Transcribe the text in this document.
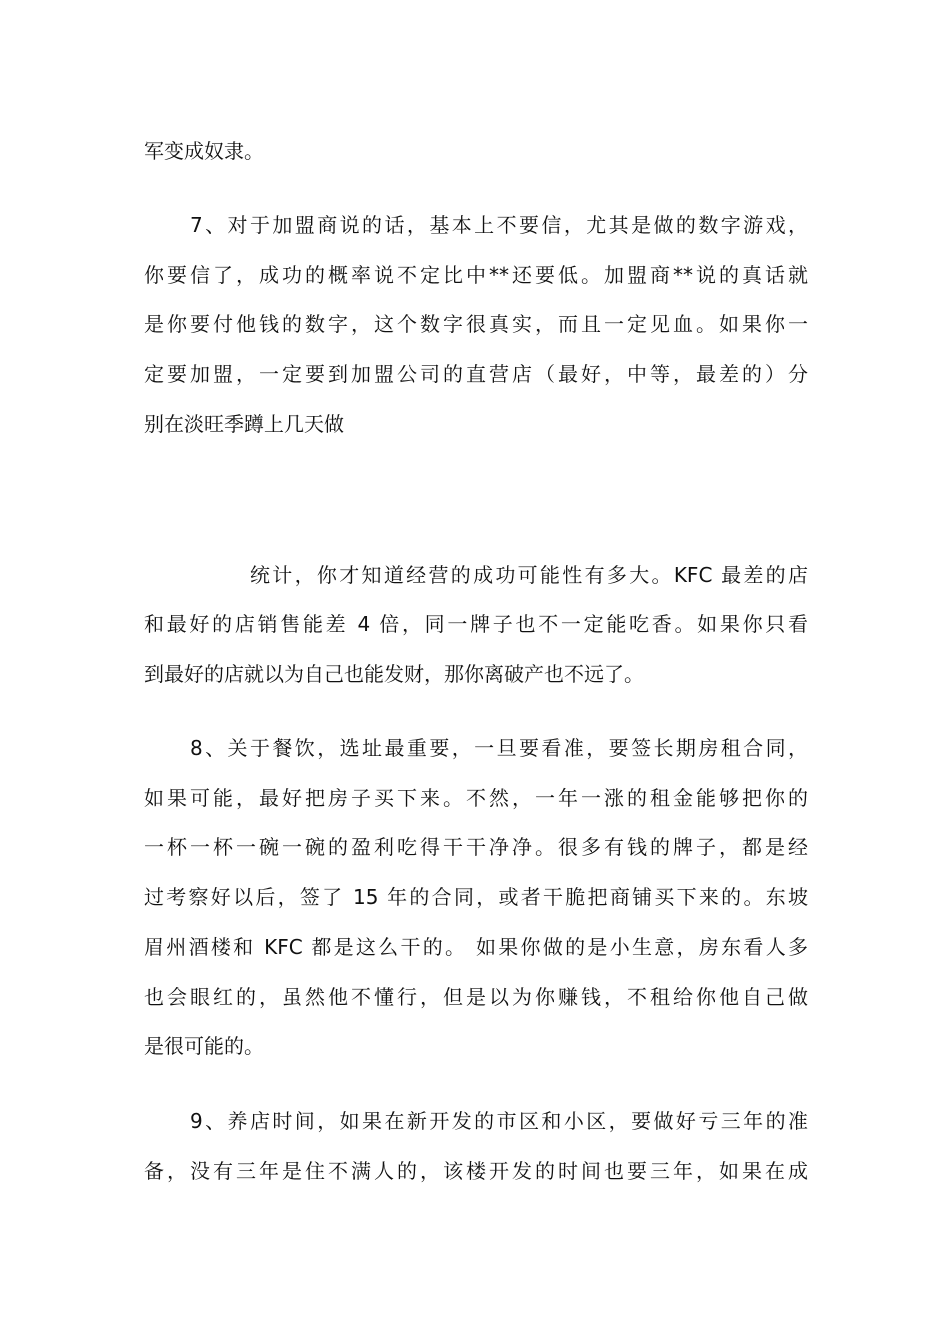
军变成奴隶。
7、对于加盟商说的话，基本上不要信，尤其是做的数字游戏，
你要信了，成功的概率说不定比中**还要低。加盟商**说的真话就
是你要付他钱的数字，这个数字很真实，而且一定见血。如果你一
定要加盟，一定要到加盟公司的直营店（最好，中等，最差的）分
别在淡旺季蹲上几天做
统计，你才知道经营的成功可能性有多大。KFC 最差的店
和最好的店销售能差 4 倍，同一牌子也不一定能吃香。如果你只看
到最好的店就以为自己也能发财，那你离破产也不远了。
8、关于餐饮，选址最重要，一旦要看准，要签长期房租合同，
如果可能，最好把房子买下来。不然，一年一涨的租金能够把你的
一杯一杯一碗一碗的盈利吃得干干净净。很多有钱的牌子，都是经
过考察好以后，签了 15 年的合同，或者干脆把商铺买下来的。东坡
眉州酒楼和 KFC 都是这么干的。 如果你做的是小生意，房东看人多
也会眼红的，虽然他不懂行，但是以为你赚钱，不租给你他自己做
是很可能的。
9、养店时间，如果在新开发的市区和小区，要做好亏三年的准
备，没有三年是住不满人的，该楼开发的时间也要三年，如果在成
